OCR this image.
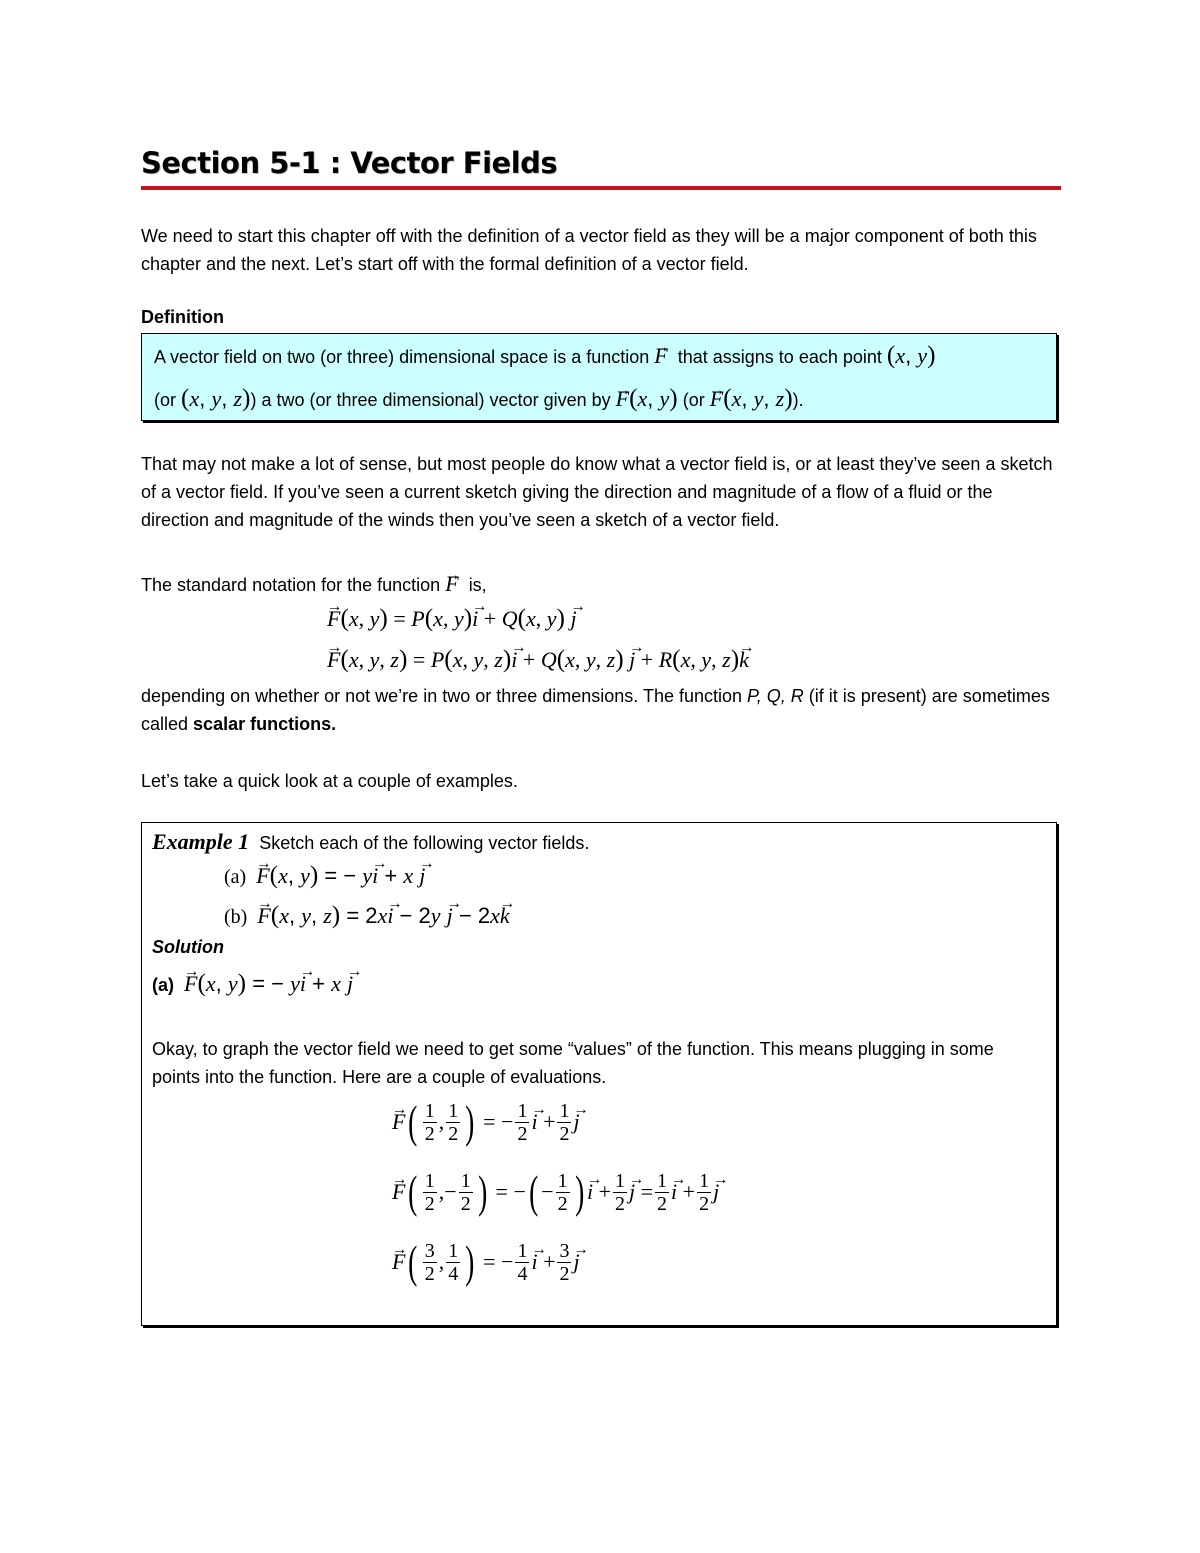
Section 5-1 : Vector Fields

We need to start this chapter off with the definition of a vector field as they will be a major component of both this chapter and the next. Let’s start off with the formal definition of a vector field.

Definition
A vector field on two (or three) dimensional space is a function → F that assigns to each point (x, y)
(or (x, y, z)) a two (or three dimensional) vector given by → F(x, y) (or → F(x, y, z)).

That may not make a lot of sense, but most people do know what a vector field is, or at least they’ve seen a sketch of a vector field. If you’ve seen a current sketch giving the direction and magnitude of a flow of a fluid or the direction and magnitude of the winds then you’ve seen a sketch of a vector field.

The standard notation for the function → F is,
→ F(x, y) = P(x, y)→ i + Q(x, y) → j
→ F(x, y, z) = P(x, y, z)→ i + Q(x, y, z) → j + R(x, y, z)→ k

depending on whether or not we’re in two or three dimensions. The function P, Q, R (if it is present) are sometimes called scalar functions.

Let’s take a quick look at a couple of examples.

Example 1 Sketch each of the following vector fields.
(a)  → F(x, y) = − y→ i + x → j
(b)  → F(x, y, z) = 2x→ i − 2y → j − 2x→ k
Solution
(a)  → F(x, y) = − y→ i + x → j

Okay, to graph the vector field we need to get some “values” of the function. This means plugging in some points into the function. Here are a couple of evaluations.

→ F ( $\frac{1}{2}$ , $\frac{1}{2}$ ) = − $\frac{1}{2}$
→ $i + \frac{1}{2}$
→ j
→ F ( $\frac{1}{2}$ ,− $\frac{1}{2}$ ) = − ( − $\frac{1}{2}$ )
→ $i + \frac{1}{2}$
→ $j = \frac{1}{2}$
→ $i + \frac{1}{2}$
→ j
→ F ( $\frac{3}{2}$ , $\frac{1}{4}$ ) = − $\frac{1}{4}$
→ $i + \frac{3}{2}$
→ j
